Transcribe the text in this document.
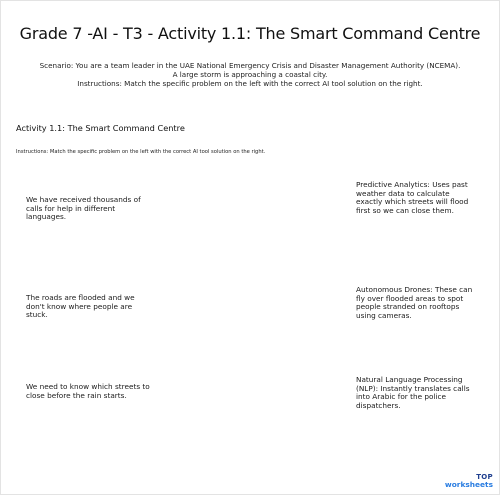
Grade 7 -AI - T3 - Activity 1.1: The Smart Command Centre
Scenario: You are a team leader in the UAE National Emergency Crisis and Disaster Management Authority (NCEMA).
A large storm is approaching a coastal city.
Instructions: Match the specific problem on the left with the correct AI tool solution on the right.
Activity 1.1: The Smart Command Centre
Instructions: Match the specific problem on the left with the correct AI tool solution on the right.
We have received thousands of calls for help in different languages.
The roads are flooded and we don't know where people are stuck.
We need to know which streets to close before the rain starts.
Predictive Analytics: Uses past weather data to calculate exactly which streets will flood first so we can close them.
Autonomous Drones: These can fly over flooded areas to spot people stranded on rooftops using cameras.
Natural Language Processing (NLP): Instantly translates calls into Arabic for the police dispatchers.
TOP
worksheets
